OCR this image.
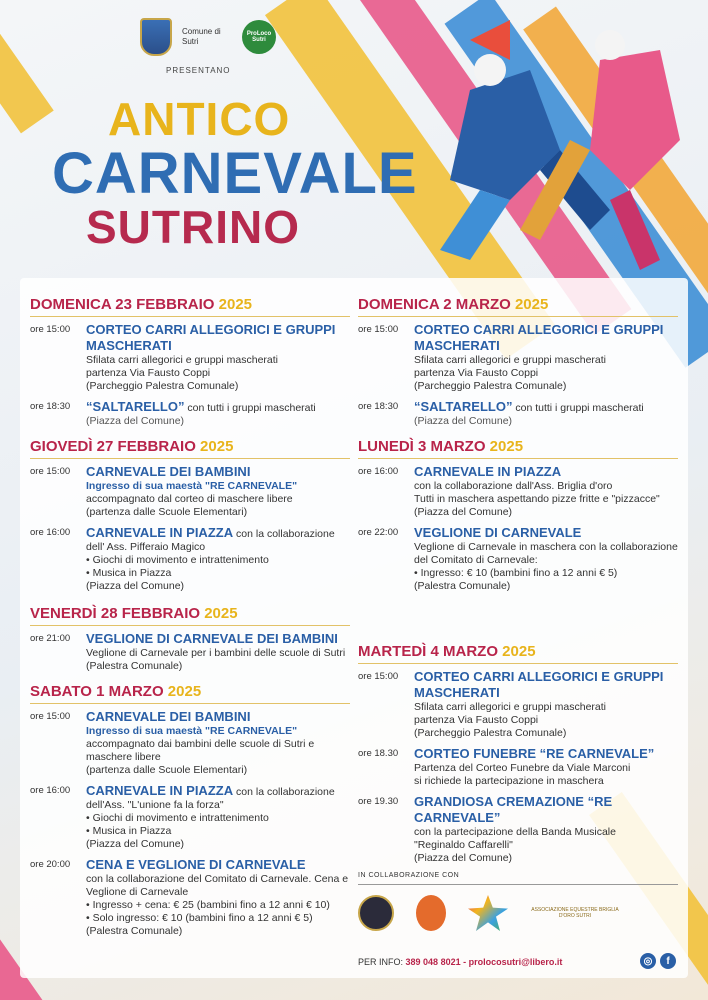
Comune di Sutri
ProLoco Sutri
PRESENTANO
ANTICO
CARNEVALE
SUTRINO
DOMENICA 23 FEBBRAIO 2025
ore 15:00	CORTEO CARRI ALLEGORICI E GRUPPI MASCHERATI
Sfilata carri allegorici e gruppi mascherati
partenza Via Fausto Coppi
(Parcheggio Palestra Comunale)
ore 18:30	“SALTARELLO” con tutti i gruppi mascherati (Piazza del Comune)
GIOVEDÌ 27 FEBBRAIO 2025
ore 15:00	CARNEVALE DEI BAMBINI
Ingresso di sua maestà "RE CARNEVALE"
accompagnato dal corteo di maschere libere
(partenza dalle Scuole Elementari)
ore 16:00	CARNEVALE IN PIAZZA con la collaborazione dell' Ass. Pifferaio Magico
• Giochi di movimento e intrattenimento
• Musica in Piazza
(Piazza del Comune)
VENERDÌ 28 FEBBRAIO 2025
ore 21:00	VEGLIONE DI CARNEVALE DEI BAMBINI Veglione di Carnevale per i bambini delle scuole di Sutri
(Palestra Comunale)
SABATO 1 MARZO 2025
ore 15:00	CARNEVALE DEI BAMBINI
Ingresso di sua maestà "RE CARNEVALE"
accompagnato dai bambini delle scuole di Sutri e maschere libere
(partenza dalle Scuole Elementari)
ore 16:00	CARNEVALE IN PIAZZA con la collaborazione dell'Ass. "L'unione fa la forza"
• Giochi di movimento e intrattenimento
• Musica in Piazza
(Piazza del Comune)
ore 20:00	CENA E VEGLIONE DI CARNEVALE
con la collaborazione del Comitato di Carnevale. Cena e Veglione di Carnevale
• Ingresso + cena: € 25 (bambini fino a 12 anni € 10)
• Solo ingresso: € 10 (bambini fino a 12 anni € 5)
(Palestra Comunale)
DOMENICA 2 MARZO 2025
ore 15:00	CORTEO CARRI ALLEGORICI E GRUPPI MASCHERATI
Sfilata carri allegorici e gruppi mascherati
partenza Via Fausto Coppi
(Parcheggio Palestra Comunale)
ore 18:30	“SALTARELLO” con tutti i gruppi mascherati (Piazza del Comune)
LUNEDÌ 3 MARZO 2025
ore 16:00	CARNEVALE IN PIAZZA
con la collaborazione dall'Ass. Briglia d'oro
Tutti in maschera aspettando pizze fritte e "pizzacce" (Piazza del Comune)
ore 22:00	VEGLIONE DI CARNEVALE
Veglione di Carnevale in maschera con la collaborazione del Comitato di Carnevale:
• Ingresso: € 10 (bambini fino a 12 anni € 5)
(Palestra Comunale)
MARTEDÌ 4 MARZO 2025
ore 15:00	CORTEO CARRI ALLEGORICI E GRUPPI MASCHERATI
Sfilata carri allegorici e gruppi mascherati
partenza Via Fausto Coppi
(Parcheggio Palestra Comunale)
ore 18.30	CORTEO FUNEBRE “RE CARNEVALE”
Partenza del Corteo Funebre da Viale Marconi
si richiede la partecipazione in maschera
ore 19.30	GRANDIOSA CREMAZIONE “RE CARNEVALE”
con la partecipazione della Banda Musicale
"Reginaldo Caffarelli"
(Piazza del Comune)
IN COLLABORAZIONE CON
ASSOCIAZIONE EQUESTRE BRIGLIA D'ORO SUTRI
PER INFO: 389 048 8021 - prolocosutri@libero.it	◎	f
